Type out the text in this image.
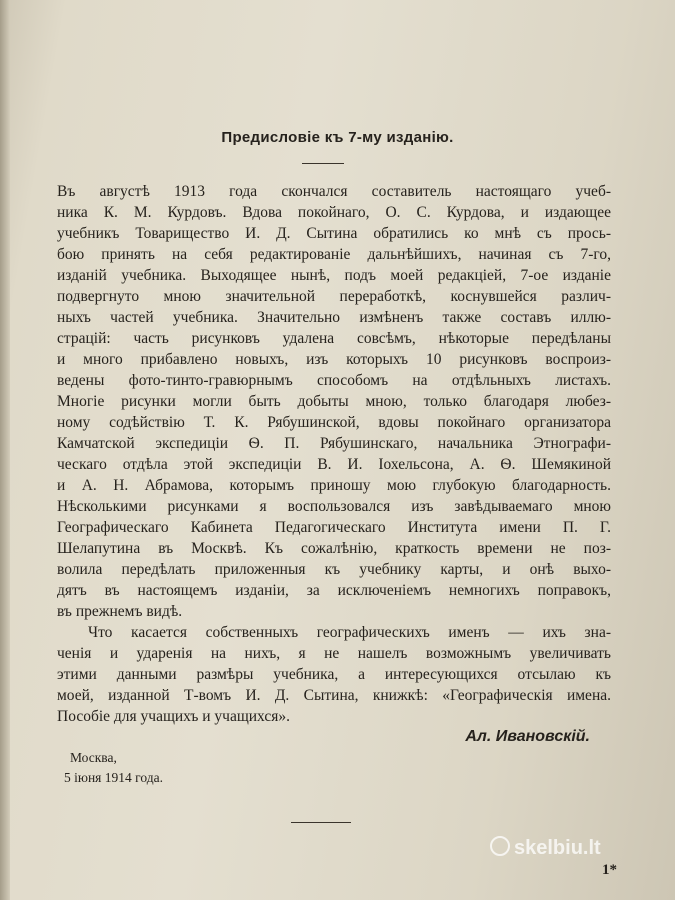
Предисловіе къ 7-му изданію.
Въ августѣ 1913 года скончался составитель настоящаго учеб-
ника К. М. Курдовъ. Вдова покойнаго, О. С. Курдова, и издающее
учебникъ Товарищество И. Д. Сытина обратились ко мнѣ съ прось-
бою принять на себя редактированіе дальнѣйшихъ, начиная съ 7-го,
изданій учебника. Выходящее нынѣ, подъ моей редакціей, 7-ое изданіе
подвергнуто мною значительной переработкѣ, коснувшейся различ-
ныхъ частей учебника. Значительно измѣненъ также составъ иллю-
страцій: часть рисунковъ удалена совсѣмъ, нѣкоторые передѣланы
и много прибавлено новыхъ, изъ которыхъ 10 рисунковъ воспроиз-
ведены фото-тинто-гравюрнымъ способомъ на отдѣльныхъ листахъ.
Многіе рисунки могли быть добыты мною, только благодаря любез-
ному содѣйствію Т. К. Рябушинской, вдовы покойнаго организатора
Камчатской экспедиціи Ѳ. П. Рябушинскаго, начальника Этнографи-
ческаго отдѣла этой экспедиціи В. И. Іохельсона, А. Ѳ. Шемякиной
и А. Н. Абрамова, которымъ приношу мою глубокую благодарность.
Нѣсколькими рисунками я воспользовался изъ завѣдываемаго мною
Географическаго Кабинета Педагогическаго Института имени П. Г.
Шелапутина въ Москвѣ. Къ сожалѣнію, краткость времени не поз-
волила передѣлать приложенныя къ учебнику карты, и онѣ выхо-
дятъ въ настоящемъ изданіи, за исключеніемъ немногихъ поправокъ,
въ прежнемъ видѣ.
Что касается собственныхъ географическихъ именъ — ихъ зна-
ченія и ударенія на нихъ, я не нашелъ возможнымъ увеличивать
этими данными размѣры учебника, а интересующихся отсылаю къ
моей, изданной Т-вомъ И. Д. Сытина, книжкѣ: «Географическія имена.
Пособіе для учащихъ и учащихся».
Ал. Ивановскій.
Москва,
5 іюня 1914 года.
1*
skelbiu.lt
